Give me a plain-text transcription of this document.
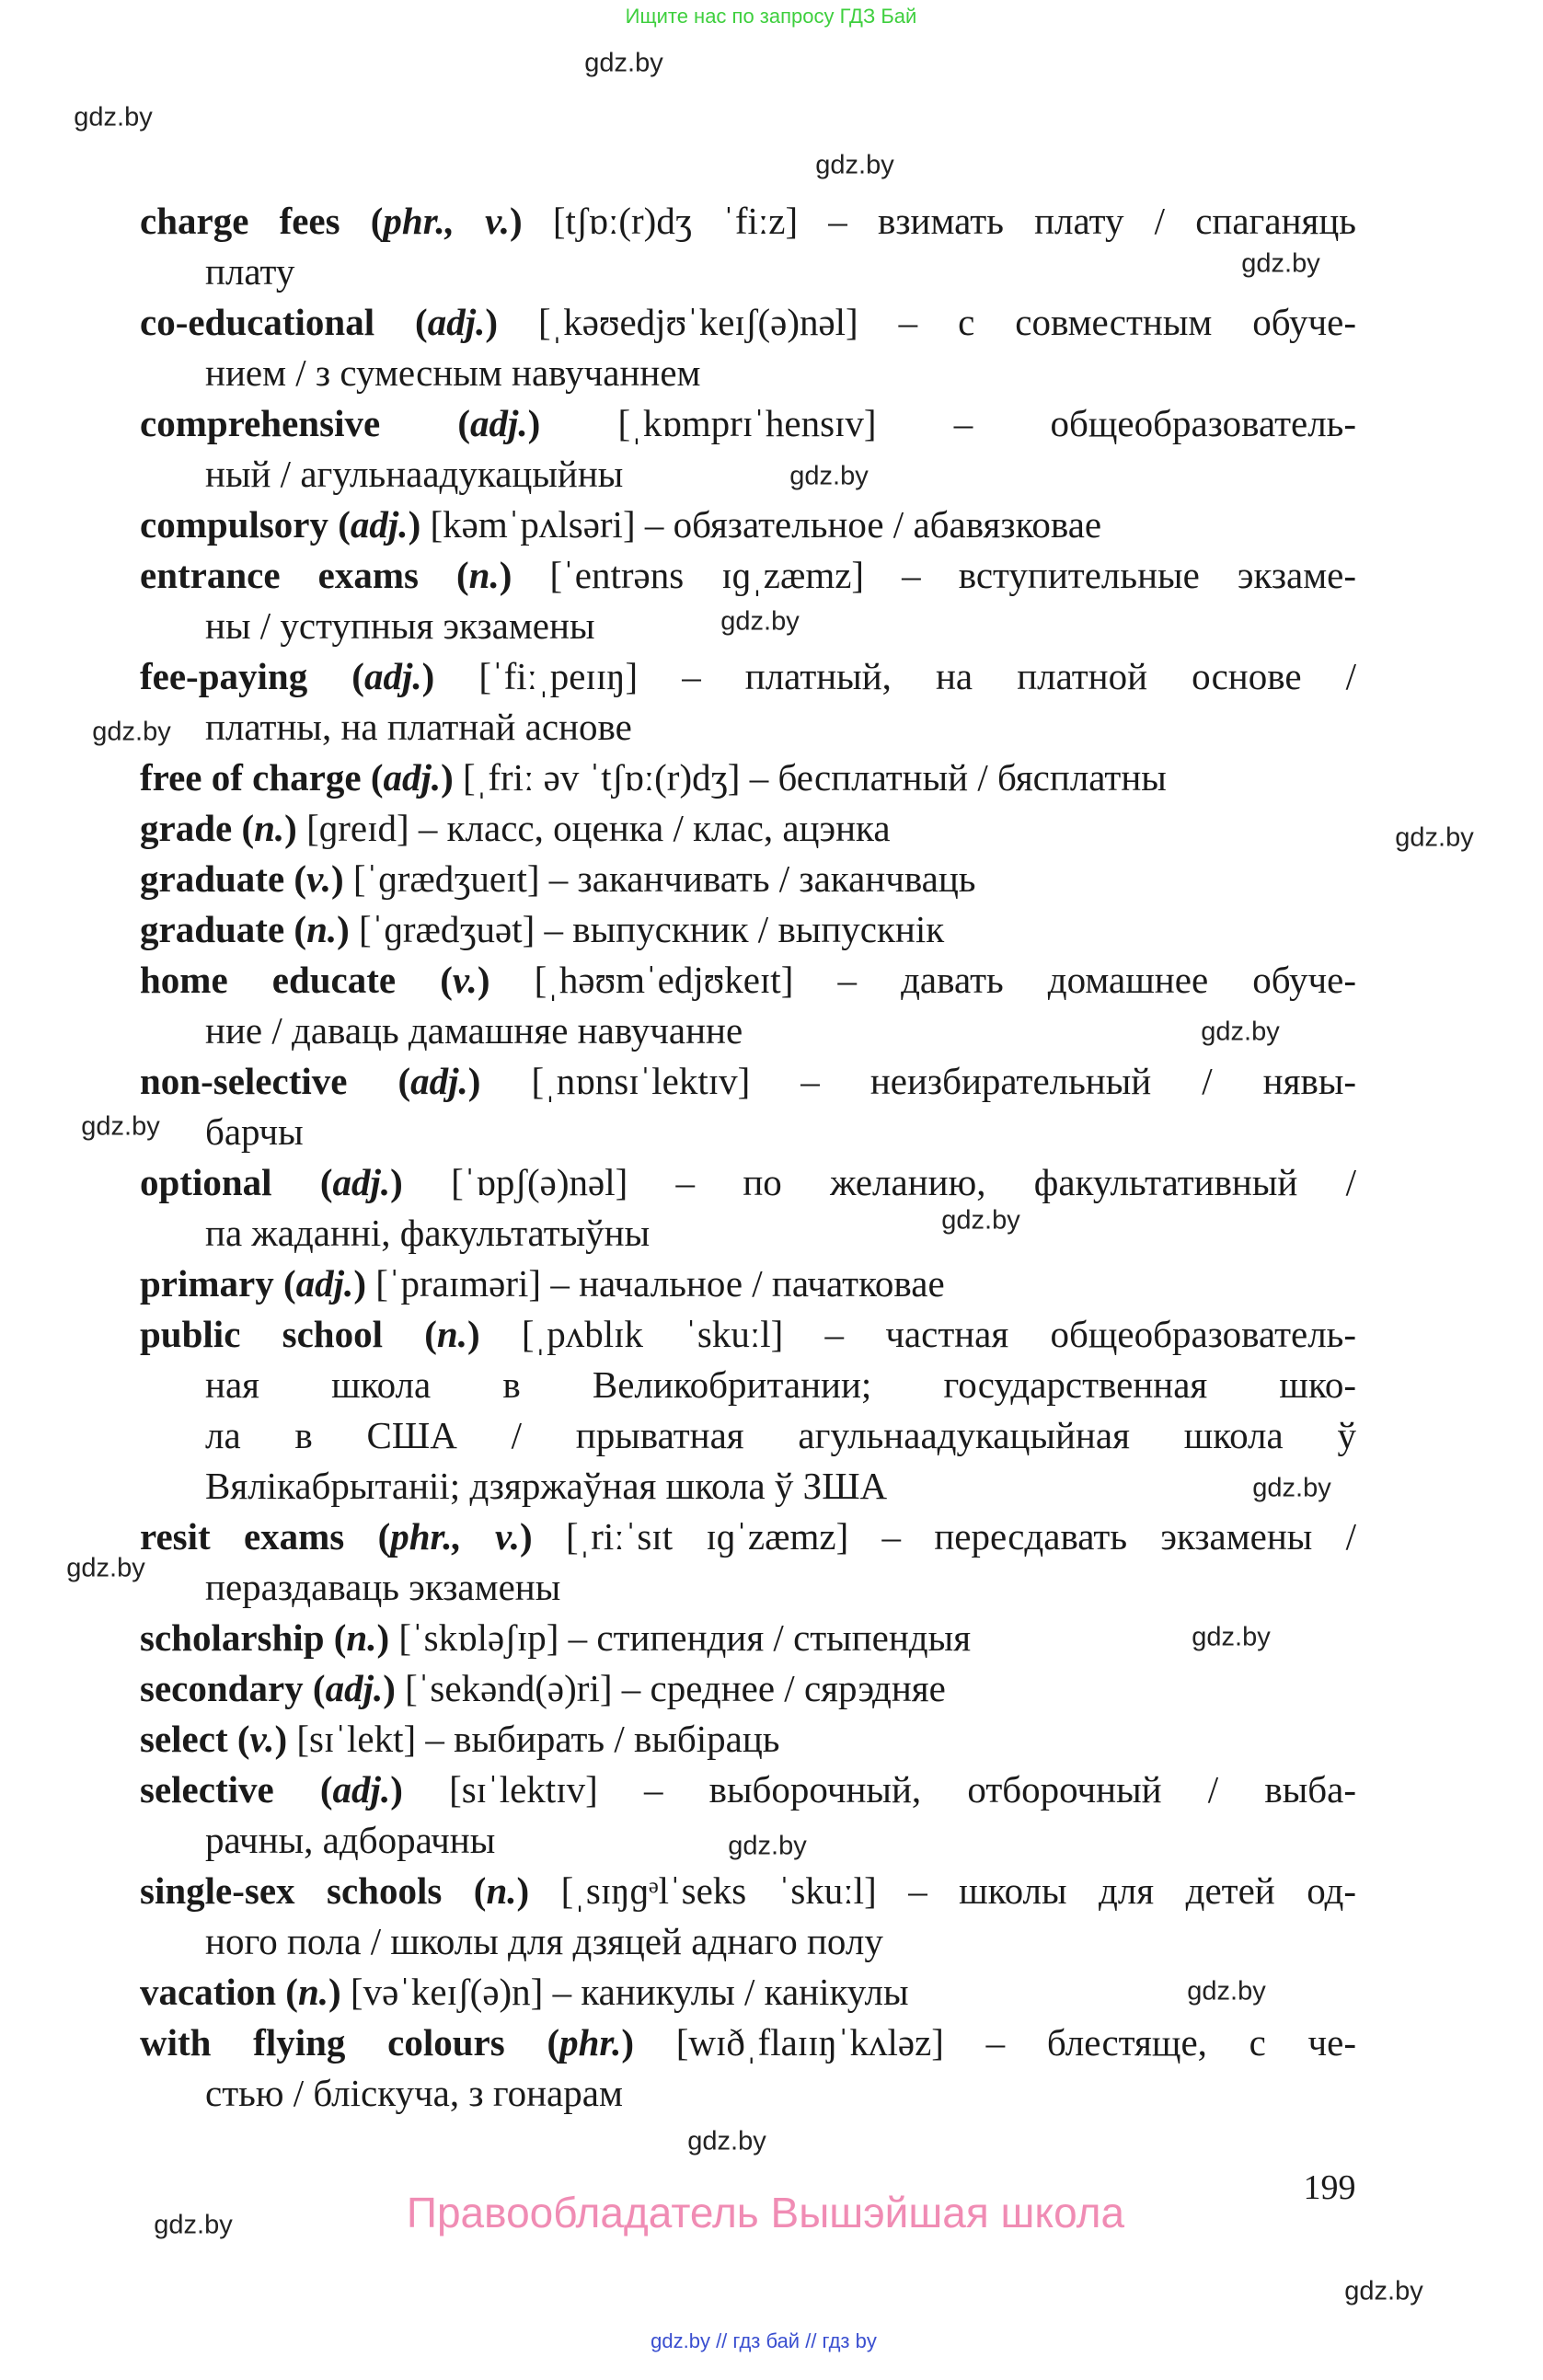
Ищите нас по запросу ГДЗ Бай
gdz.by
gdz.by
gdz.by
gdz.by
gdz.by
gdz.by
gdz.by
gdz.by
gdz.by
gdz.by
gdz.by
gdz.by
gdz.by
gdz.by
gdz.by
gdz.by
gdz.by
gdz.by
gdz.by
charge fees (phr., v.) [tʃɒː(r)dʒ ˈfiːz] – взимать плату / спаганяць
плату
co-educational (adj.) [ˌkəʊedjʊˈkeɪʃ(ə)nəl] – с совместным обуче-
нием / з сумесным навучаннем
comprehensive (adj.) [ˌkɒmprɪˈhensɪv] – общеобразователь-
ный / агульнаадукацыйны
compulsory (adj.) [kəmˈpʌlsəri] – обязательное / абавязковае
entrance exams (n.) [ˈentrəns ɪɡˌzæmz] – вступительные экзаме-
ны / уступныя экзамены
fee-paying (adj.) [ˈfiːˌpeɪɪŋ] – платный, на платной основе /
платны, на платнай аснове
free of charge (adj.) [ˌfriː əv ˈtʃɒː(r)dʒ] – бесплатный / бясплатны
grade (n.) [ɡreɪd] – класс, оценка / клас, ацэнка
graduate (v.) [ˈɡrædʒueɪt] – заканчивать / заканчваць
graduate (n.) [ˈɡrædʒuət] – выпускник / выпускнік
home educate (v.) [ˌhəʊmˈedjʊkeɪt] – давать домашнее обуче-
ние / даваць дамашняе навучанне
non-selective (adj.) [ˌnɒnsɪˈlektɪv] – неизбирательный / нявы-
барчы
optional (adj.) [ˈɒpʃ(ə)nəl] – по желанию, факультативный /
па жаданні, факультатыўны
primary (adj.) [ˈpraɪməri] – начальное / пачатковае
public school (n.) [ˌpʌblɪk ˈskuːl] – частная общеобразователь-
ная школа в Великобритании; государственная шко-
ла в США / прыватная агульнаадукацыйная школа ў
Вялікабрытаніі; дзяржаўная школа ў ЗША
resit exams (phr., v.) [ˌriːˈsɪt ɪɡˈzæmz] – пересдавать экзамены /
пераздаваць экзамены
scholarship (n.) [ˈskɒləʃɪp] – стипендия / стыпендыя
secondary (adj.) [ˈsekənd(ə)ri] – среднее / сярэдняе
select (v.) [sɪˈlekt] – выбирать / выбіраць
selective (adj.) [sɪˈlektɪv] – выборочный, отборочный / выба-
рачны, адборачны
single-sex schools (n.) [ˌsɪŋɡᵊlˈseks ˈskuːl] – школы для детей од-
ного пола / школы для дзяцей аднаго полу
vacation (n.) [vəˈkeɪʃ(ə)n] – каникулы / канікулы
with flying colours (phr.) [wɪðˌflaɪɪŋˈkʌləz] – блестяще, с че-
стью / бліскуча, з гонарам
199
Правообладатель Вышэйшая школа
gdz.by // гдз бай // гдз by
